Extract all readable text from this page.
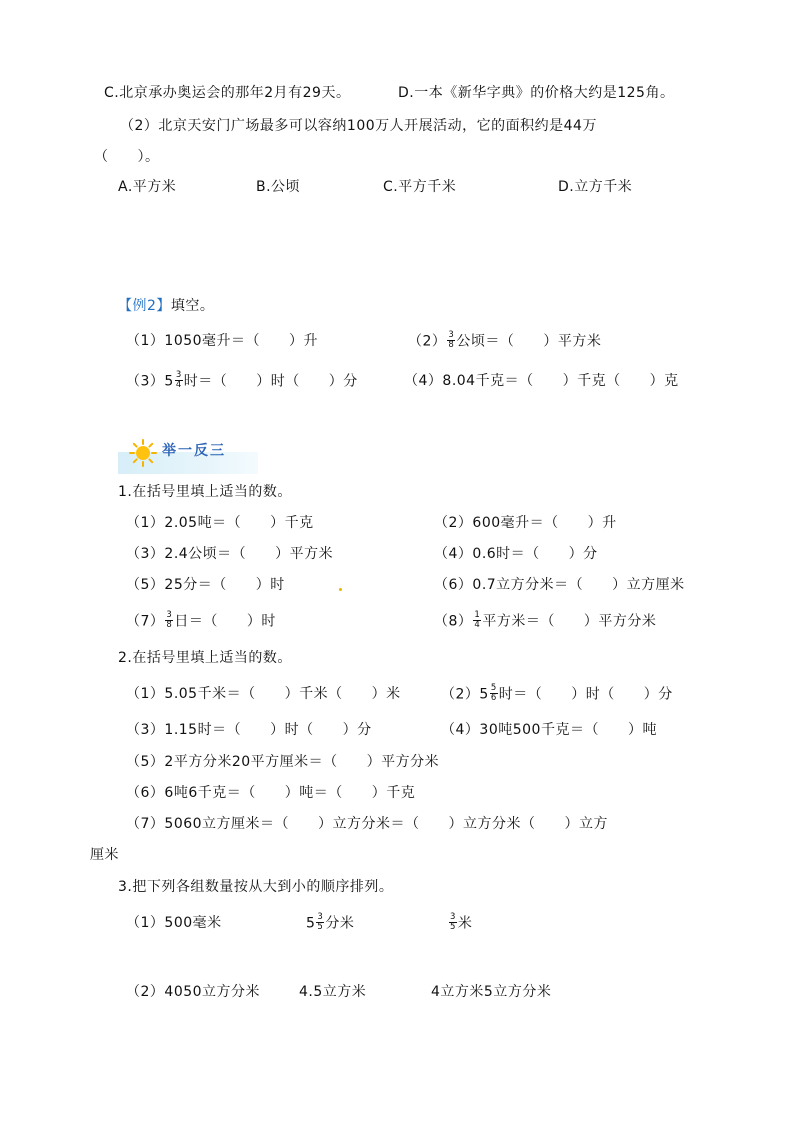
C.北京承办奥运会的那年2月有29天。	D.一本《新华字典》的价格大约是125角。
（2）北京天安门广场最多可以容纳100万人开展活动，它的面积约是44万
（　　）。
A.平方米	B.公顷	C.平方千米	D.立方千米
【例2】填空。
（1）1050毫升＝（　　）升	$(2) \frac{3}{8}$ 公顷＝（　　）平方米
$(3)5 \frac{3}{4}$ 时＝（　　）时（　　）分	（4）8.04千克＝（　　）千克（　　）克
举一反三
1.在括号里填上适当的数。
（1）2.05吨＝（　　）千克	（2）600毫升＝（　　）升
（3）2.4公顷＝（　　）平方米	（4）0.6时＝（　　）分
（5）25分＝（　　）时	（6）0.7立方分米＝（　　）立方厘米
$(7) \frac{3}{8}$ 日＝（　　）时	$(8) \frac{1}{4}$ 平方米＝（　　）平方分米
2.在括号里填上适当的数。
（1）5.05千米＝（　　）千米（　　）米	$(2)5 \frac{5}{6}$ 时＝（　　）时（　　）分
（3）1.15时＝（　　）时（　　）分	（4）30吨500千克＝（　　）吨
（5）2平方分米20平方厘米＝（　　）平方分米
（6）6吨6千克＝（　　）吨＝（　　）千克
（7）5060立方厘米＝（　　）立方分米＝（　　）立方分米（　　）立方
厘米
3.把下列各组数量按从大到小的顺序排列。
（1）500毫米	$5 \frac{3}{5}$ 分米	$\frac{3}{5}$ 米
（2）4050立方分米	4.5立方米	4立方米5立方分米
